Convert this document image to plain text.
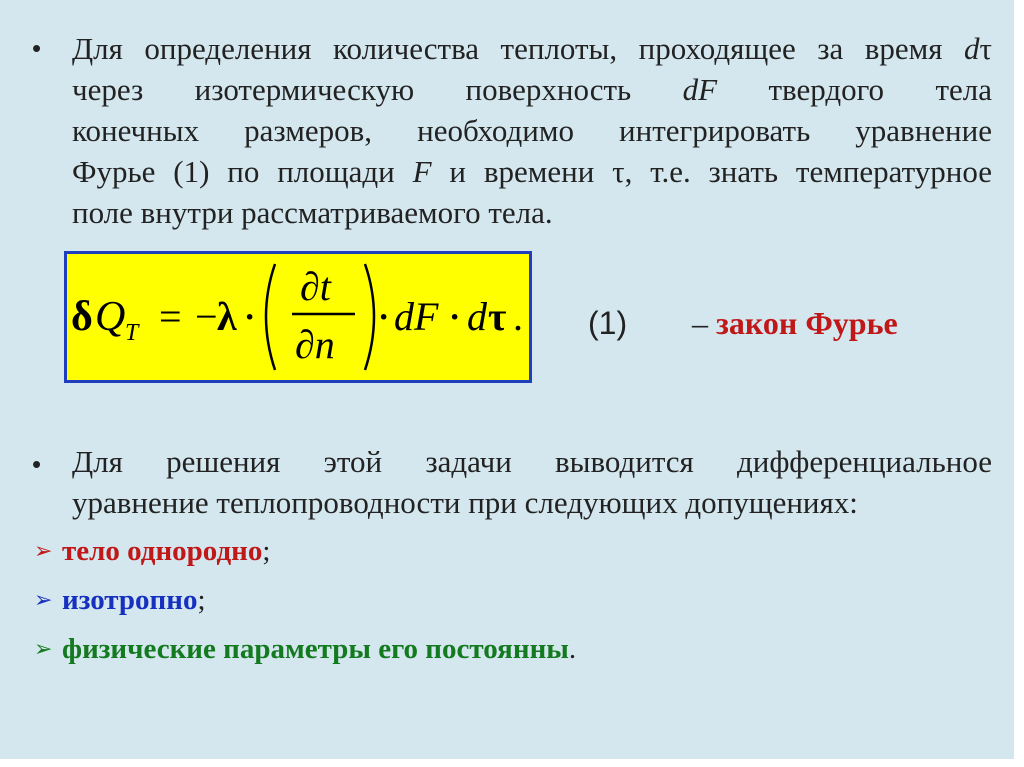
• Для определения количества теплоты, проходящее за время dτ
через изотермическую поверхность dF твердого тела
конечных размеров, необходимо интегрировать уравнение
Фурье (1) по площади F и времени τ, т.е. знать температурное
поле внутри рассматриваемого тела.
δ Q T = − λ ·
∂t
∂n
· dF · d τ . (1) – закон Фурье
• Для решения этой задачи выводится дифференциальное
уравнение теплопроводности при следующих допущениях:
➢ тело однородно;
➢ изотропно;
➢ физические параметры его постоянны.
